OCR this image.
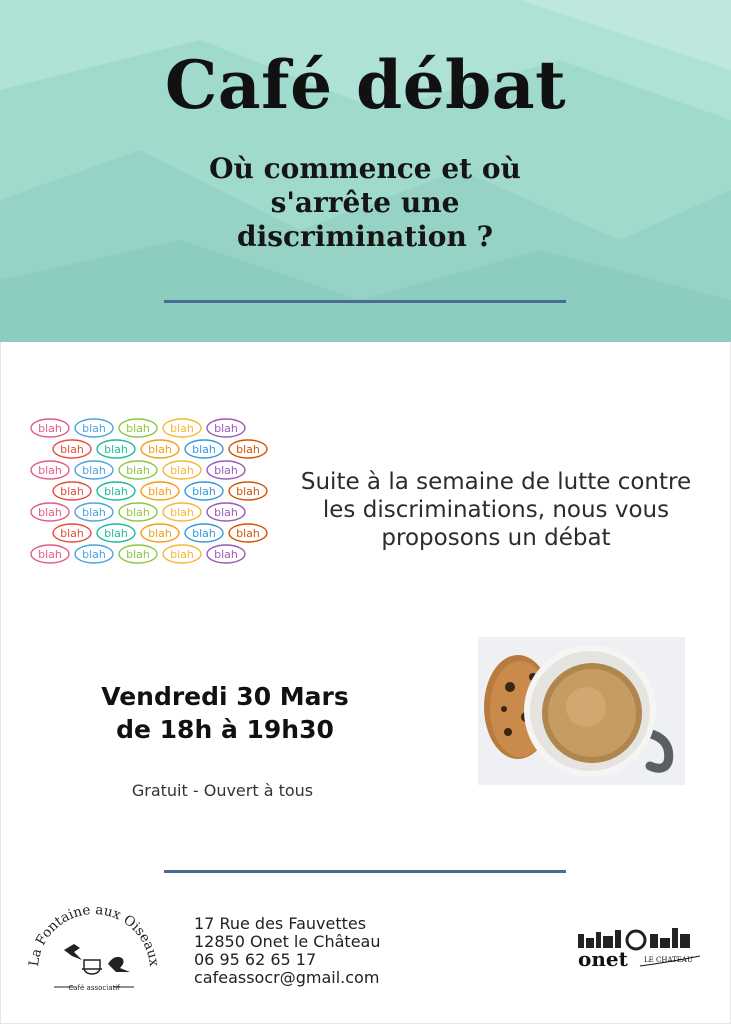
Café débat
Où commence et où
s'arrête une
discrimination ?
blah blah blah blah blah
blah blah blah blah blah
blah blah blah blah blah
blah blah blah blah blah
blah blah blah blah blah
blah blah blah blah blah
blah blah blah blah blah
Suite à la semaine de lutte contre
les discriminations, nous vous
proposons un débat
Vendredi 30 Mars
de 18h à 19h30
Gratuit - Ouvert à tous
La Fontaine aux Oiseaux
Café associatif
17 Rue des Fauvettes
12850 Onet le Château
06 95 62 65 17
cafeassocr@gmail.com
onet LE CHATEAU
